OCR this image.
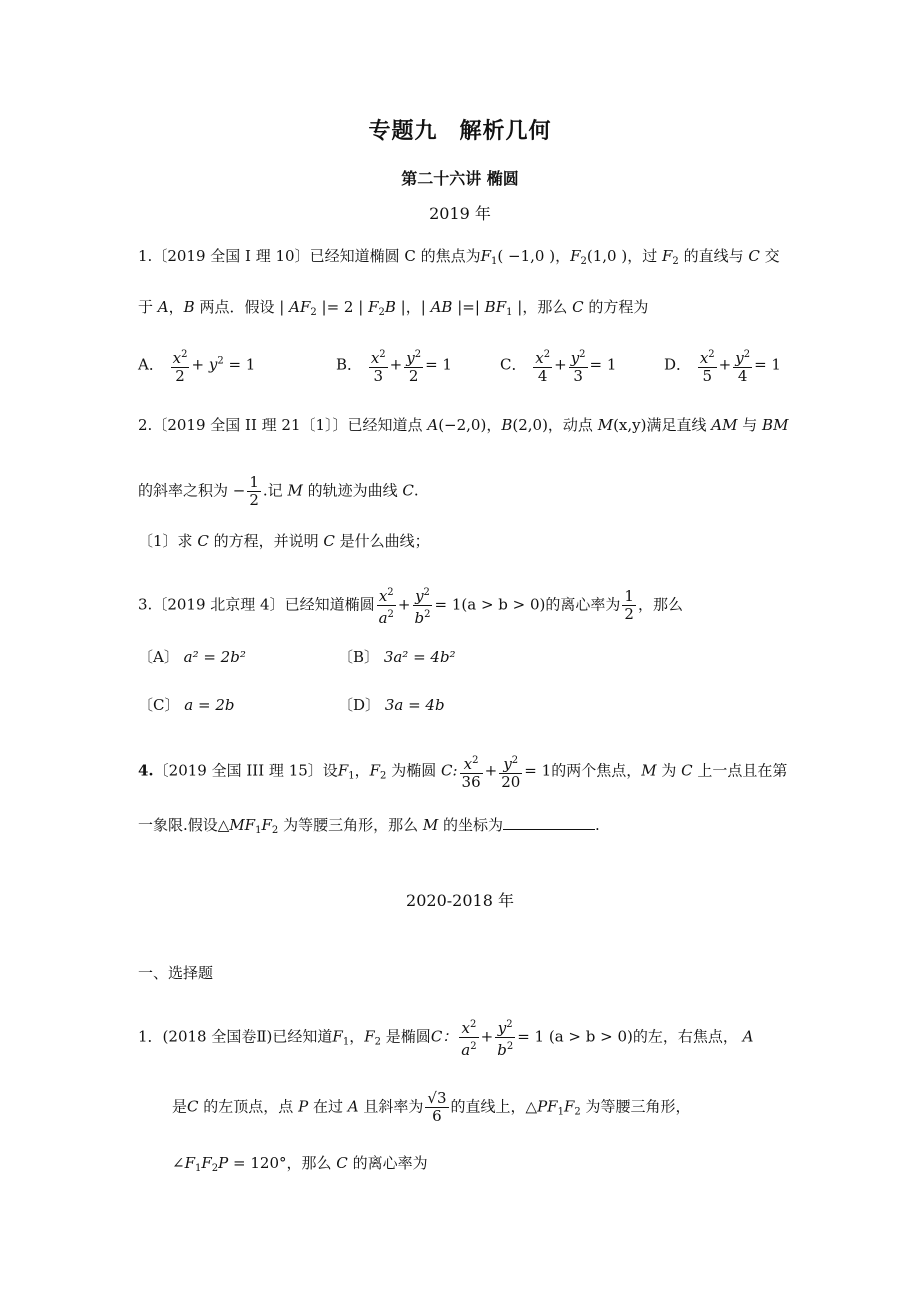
专题九 解析几何
第二十六讲 椭圆
2019 年
1.〔2019 全国 I 理 10〕已经知道椭圆 C 的焦点为$F_1( -1,0$ )，$F_2(1,0$ )，过 $F_2$ 的直线与 C 交
于 A，B 两点．假设 | $AF_2$ |= 2 | $F_2B$ |，| AB |=| $BF_1$ |，那么 C 的方程为
A． $\frac{x^2}{2} + y^2 = 1$	B． $\frac{x^2}{3} + \frac{y^2}{2} = 1$	C． $\frac{x^2}{4} + \frac{y^2}{3} = 1$	D． $\frac{x^2}{5} + \frac{y^2}{4} = 1$
2.〔2019 全国 II 理 21〔1〕〕已经知道点 A(−2,0)，B(2,0)，动点 M(x,y)满足直线 AM 与 BM
的斜率之积为 − $\frac{1}{2}$ .记 M 的轨迹为曲线 C.
〔1〕求 C 的方程，并说明 C 是什么曲线；
3.〔2019 北京理 4〕已经知道椭圆 $\frac{x^2}{a^2} + \frac{y^2}{b^2} = 1(a > b > 0)$的离心率为 $\frac{1}{2}$ ，那么
〔A〕 a² = 2b²	〔B〕 3a² = 4b²
〔C〕 a = 2b	〔D〕 3a = 4b
4.〔2019 全国 III 理 15〕设$F_1$，$F_2$ 为椭圆 C: $\frac{x^2}{36} + \frac{y^2}{20} = 1$的两个焦点，M 为 C 上一点且在第
一象限.假设$\triangle MF_1F_2$ 为等腰三角形，那么 M 的坐标为	.
2020-2018 年
一、选择题
1．(2018 全国卷Ⅱ)已经知道$F_1$，$F_2$ 是椭圆C： $\frac{x^2}{a^2} + \frac{y^2}{b^2} = 1$ (a > b > 0)的左，右焦点， A
是C 的左顶点，点 P 在过 A 且斜率为 $\frac{√3}{6}$ 的直线上，$\triangle PF_1F_2$ 为等腰三角形，
$\angle F_1F_2P = 120^\circ$，那么 C 的离心率为
